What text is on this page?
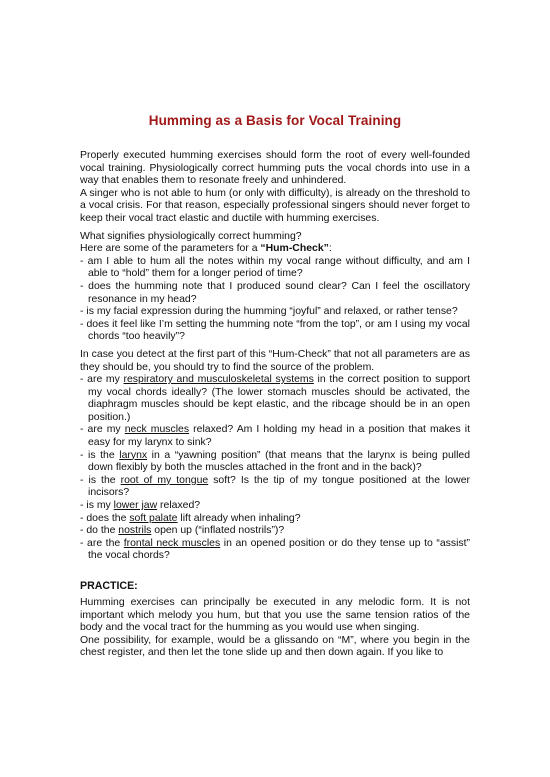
Humming as a Basis for Vocal Training

Properly executed humming exercises should form the root of every well-founded vocal training. Physiologically correct humming puts the vocal chords into use in a way that enables them to resonate freely and unhindered.

A singer who is not able to hum (or only with difficulty), is already on the threshold to a vocal crisis. For that reason, especially professional singers should never forget to keep their vocal tract elastic and ductile with humming exercises.

What signifies physiologically correct humming?

Here are some of the parameters for a “Hum-Check”:

- am I able to hum all the notes within my vocal range without difficulty, and am I able to “hold” them for a longer period of time?
- does the humming note that I produced sound clear? Can I feel the oscillatory resonance in my head?
- is my facial expression during the humming “joyful” and relaxed, or rather tense?
- does it feel like I’m setting the humming note “from the top”, or am I using my vocal chords “too heavily”?

In case you detect at the first part of this “Hum-Check” that not all parameters are as they should be, you should try to find the source of the problem.

- are my respiratory and musculoskeletal systems in the correct position to support my vocal chords ideally? (The lower stomach muscles should be activated, the diaphragm muscles should be kept elastic, and the ribcage should be in an open position.)
- are my neck muscles relaxed? Am I holding my head in a position that makes it easy for my larynx to sink?
- is the larynx in a “yawning position” (that means that the larynx is being pulled down flexibly by both the muscles attached in the front and in the back)?
- is the root of my tongue soft? Is the tip of my tongue positioned at the lower incisors?
- is my lower jaw relaxed?
- does the soft palate lift already when inhaling?
- do the nostrils open up (“inflated nostrils”)?
- are the frontal neck muscles in an opened position or do they tense up to “assist” the vocal chords?
PRACTICE:

Humming exercises can principally be executed in any melodic form. It is not important which melody you hum, but that you use the same tension ratios of the body and the vocal tract for the humming as you would use when singing.

One possibility, for example, would be a glissando on “M”, where you begin in the chest register, and then let the tone slide up and then down again. If you like to
